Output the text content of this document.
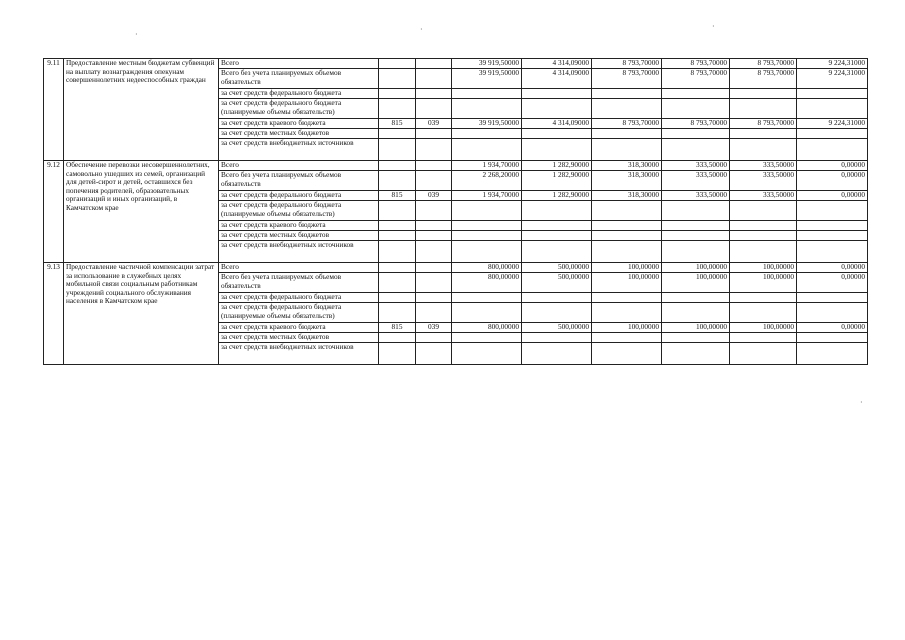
9.11	Предоставление местным бюджетам субвенций на выплату вознаграждения опекунам совершеннолетних недееспособных граждан	Всего			39 919,50000	4 314,09000	8 793,70000	8 793,70000	8 793,70000	9 224,31000
		Всего без учета планируемых объемов обязательств			39 919,50000	4 314,09000	8 793,70000	8 793,70000	8 793,70000	9 224,31000
		за счет средств федерального бюджета								
		за счет средств федерального бюджета (планируемые объемы обязательств)								
		за счет средств краевого бюджета	815	039	39 919,50000	4 314,09000	8 793,70000	8 793,70000	8 793,70000	9 224,31000
		за счет средств местных бюджетов								
		за счет средств внебюджетных источников								
9.12	Обеспечение перевозки несовершеннолетних, самовольно ушедших из семей, организаций для детей-сирот и детей, оставшихся без попечения родителей, образовательных организаций и иных организаций, в Камчатском крае	Всего			1 934,70000	1 282,90000	318,30000	333,50000	333,50000	0,00000
		Всего без учета планируемых объемов обязательств			2 268,20000	1 282,90000	318,30000	333,50000	333,50000	0,00000
		за счет средств федерального бюджета	815	039	1 934,70000	1 282,90000	318,30000	333,50000	333,50000	0,00000
		за счет средств федерального бюджета (планируемые объемы обязательств)								
		за счет средств краевого бюджета								
		за счет средств местных бюджетов								
		за счет средств внебюджетных источников								
9.13	Предоставление частичной компенсации затрат за использование в служебных целях мобильной связи социальным работникам учреждений социального обслуживания населения в Камчатском крае	Всего			800,00000	500,00000	100,00000	100,00000	100,00000	0,00000
		Всего без учета планируемых объемов обязательств			800,00000	500,00000	100,00000	100,00000	100,00000	0,00000
		за счет средств федерального бюджета								
		за счет средств федерального бюджета (планируемые объемы обязательств)								
		за счет средств краевого бюджета	815	039	800,00000	500,00000	100,00000	100,00000	100,00000	0,00000
		за счет средств местных бюджетов								
		за счет средств внебюджетных источников								
·
·	·
·
